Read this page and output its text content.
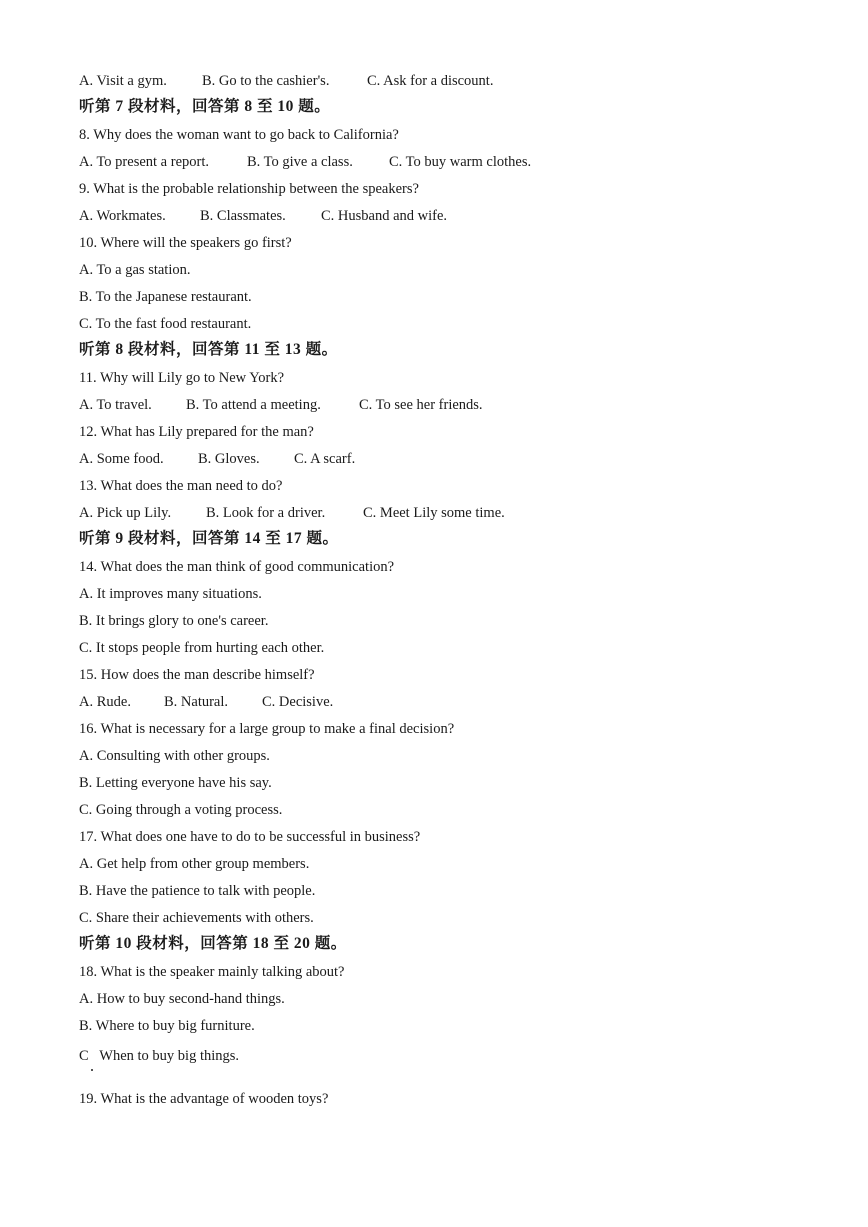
A. Visit a gym. B. Go to the cashier's.	C. Ask for a discount.
听第 7 段材料，回答第 8 至 10 题。
8. Why does the woman want to go back to California?
A. To present a report.	B. To give a class. C. To buy warm clothes.
9. What is the probable relationship between the speakers?
A. Workmates. B. Classmates. C. Husband and wife.
10. Where will the speakers go first?
A. To a gas station.
B. To the Japanese restaurant.
C. To the fast food restaurant.
听第 8 段材料，回答第 11 至 13 题。
11. Why will Lily go to New York?
A. To travel. B. To attend a meeting.	C. To see her friends.
12. What has Lily prepared for the man?
A. Some food. B. Gloves. C. A scarf.
13. What does the man need to do?
A. Pick up Lily. B. Look for a driver.	C. Meet Lily some time.
听第 9 段材料，回答第 14 至 17 题。
14. What does the man think of good communication?
A. It improves many situations.
B. It brings glory to one's career.
C. It stops people from hurting each other.
15. How does the man describe himself?
A. Rude. B. Natural. C. Decisive.
16. What is necessary for a large group to make a final decision?
A. Consulting with other groups.
B. Letting everyone have his say.
C. Going through a voting process.
17. What does one have to do to be successful in business?
A. Get help from other group members.
B. Have the patience to talk with people.
C. Share their achievements with others.
听第 10 段材料，回答第 18 至 20 题。
18. What is the speaker mainly talking about?
A. How to buy second-hand things.
B. Where to buy big furniture.
C   When to buy big things.
19. What is the advantage of wooden toys?
